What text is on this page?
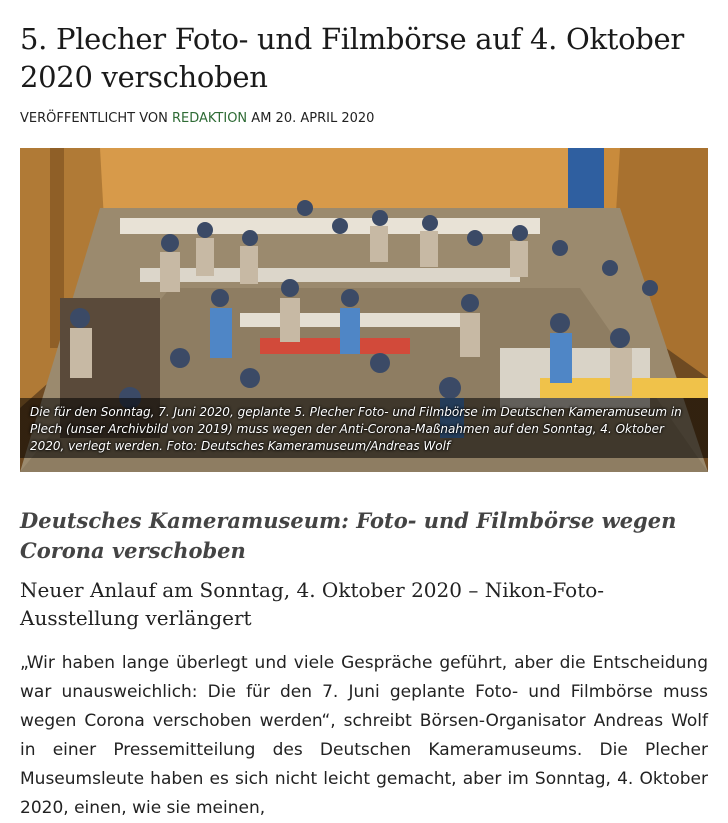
5. Plecher Foto- und Filmbörse auf 4. Oktober 2020 verschoben
VERÖFFENTLICHT VON REDAKTION AM 20. APRIL 2020
Die für den Sonntag, 7. Juni 2020, geplante 5. Plecher Foto- und Filmbörse im Deutschen Kameramuseum in Plech (unser Archivbild von 2019) muss wegen der Anti-Corona-Maßnahmen auf den Sonntag, 4. Oktober 2020, verlegt werden. Foto: Deutsches Kameramuseum/Andreas Wolf
Deutsches Kameramuseum: Foto- und Filmbörse wegen Corona verschoben
Neuer Anlauf am Sonntag, 4. Oktober 2020 – Nikon-Foto-Ausstellung verlängert

„Wir haben lange überlegt und viele Gespräche geführt, aber die Entscheidung war unausweichlich: Die für den 7. Juni geplante Foto- und Filmbörse muss wegen Corona verschoben werden“, schreibt Börsen-Organisator Andreas Wolf in einer Pressemitteilung des Deutschen Kameramuseums. Die Plecher Museumsleute haben es sich nicht leicht gemacht, aber im Sonntag, 4. Oktober 2020, einen, wie sie meinen,
